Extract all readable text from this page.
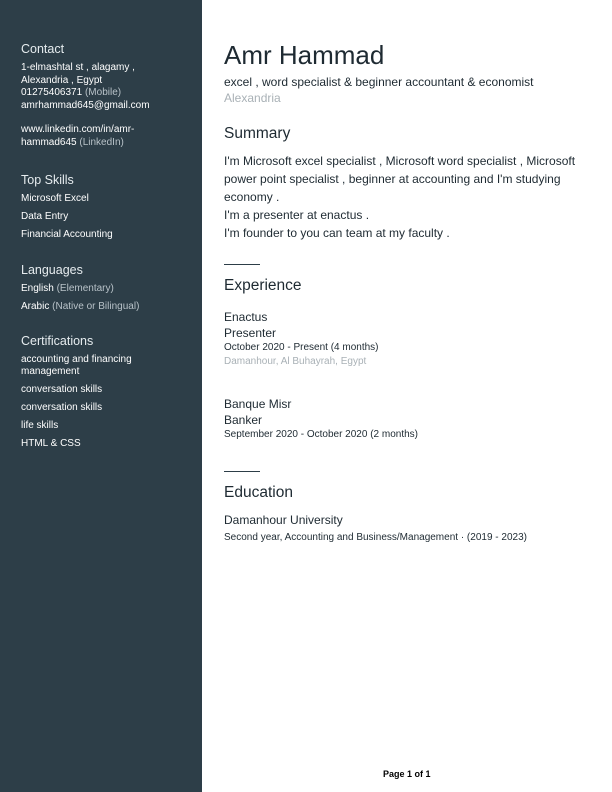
Contact
1-elmashtal st , alagamy ,
Alexandria , Egypt
01275406371 (Mobile)
amrhammad645@gmail.com
www.linkedin.com/in/amr-
hammad645 (LinkedIn)
Top Skills
Microsoft Excel
Data Entry
Financial Accounting
Languages
English (Elementary)
Arabic (Native or Bilingual)
Certifications
accounting and financing management
conversation skills
conversation skills
life skills
HTML & CSS
Amr Hammad
excel , word specialist & beginner accountant & economist
Alexandria
Summary

I'm Microsoft excel specialist , Microsoft word specialist , Microsoft power point specialist , beginner at accounting and I'm studying economy .

I'm a presenter at enactus .

I'm founder to you can team at my faculty .

Experience
Enactus
Presenter
October 2020 - Present (4 months)
Damanhour, Al Buhayrah, Egypt
Banque Misr
Banker
September 2020 - October 2020 (2 months)
Education
Damanhour University
Second year, Accounting and Business/Management · (2019 - 2023)
Page 1 of 1
